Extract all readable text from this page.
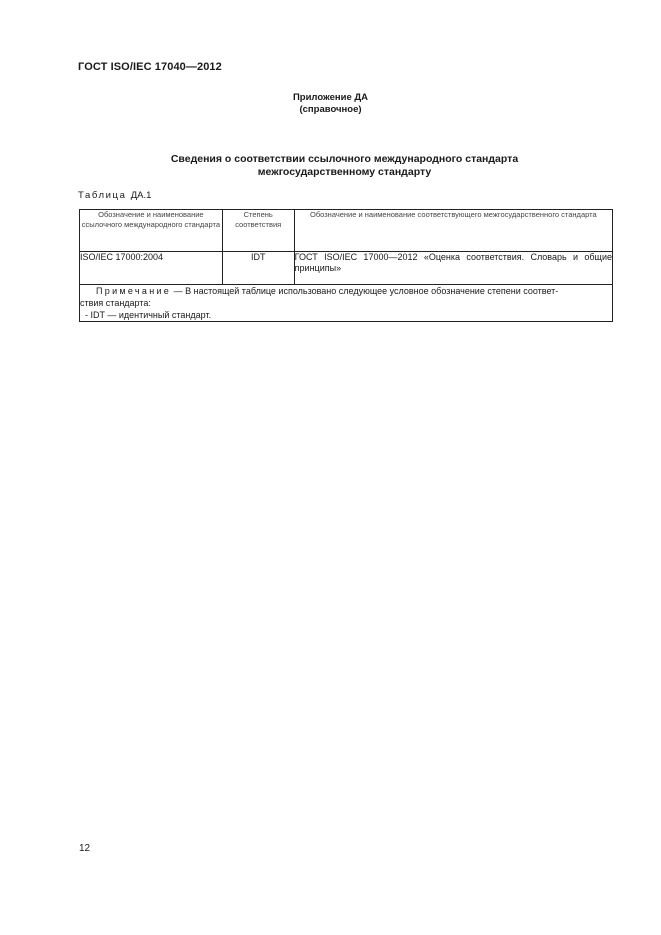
ГОСТ ISO/IEC 17040—2012
Приложение ДА
(справочное)
Сведения о соответствии ссылочного международного стандарта
межгосударственному стандарту
Таблица ДА.1
Обозначение и наименование ссылочного международного стандарта	Степень соответствия	Обозначение и наименование соответствующего межгосударственного стандарта
ISO/IEC 17000:2004	IDT	ГОСТ ISO/IEC 17000—2012 «Оценка соответствия. Словарь и общие принципы»

Примечание — В настоящей таблице использовано следующее условное обозначение степени соответ-
ствия стандарта:
- IDT — идентичный стандарт.		
12
